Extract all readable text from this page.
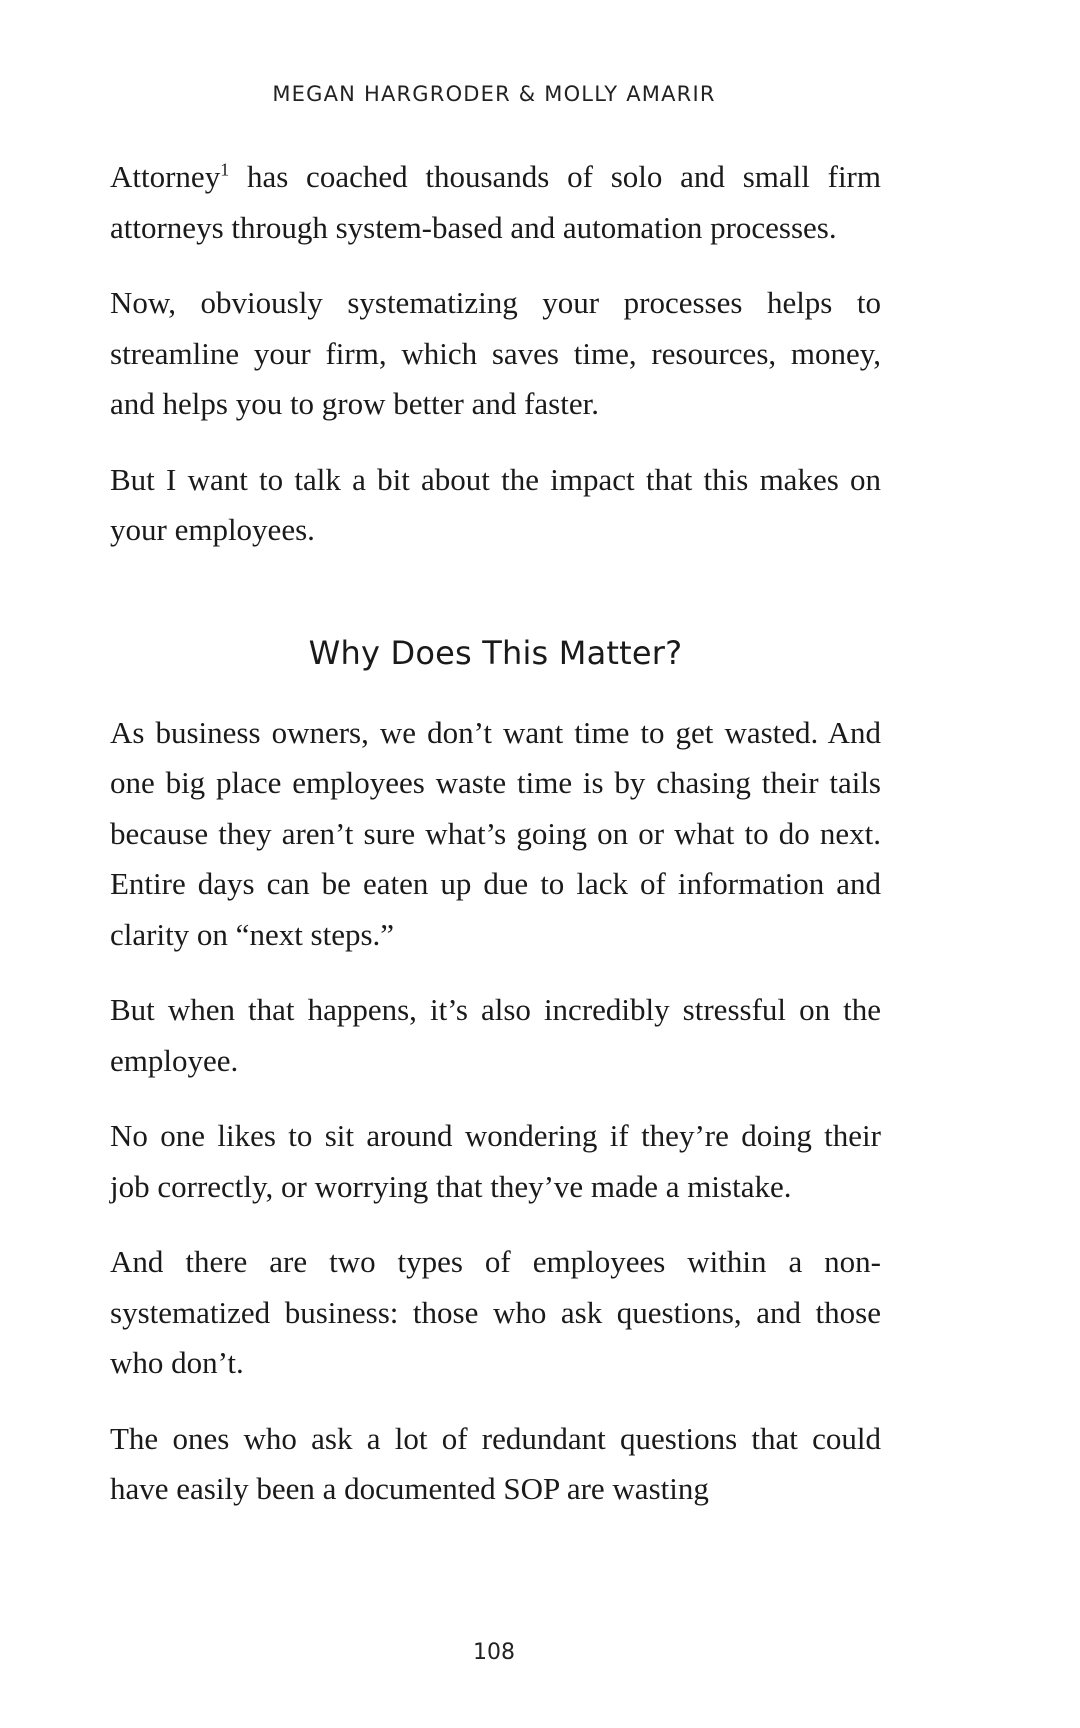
MEGAN HARGRODER & MOLLY AMARIR

Attorney$^1$ has coached thousands of solo and small firm attorneys through system-based and automation processes.

Now, obviously systematizing your processes helps to streamline your firm, which saves time, resources, money, and helps you to grow better and faster.

But I want to talk a bit about the impact that this makes on your employees.

Why Does This Matter?

As business owners, we don’t want time to get wasted. And one big place employees waste time is by chasing their tails because they aren’t sure what’s going on or what to do next. Entire days can be eaten up due to lack of information and clarity on “next steps.”

But when that happens, it’s also incredibly stressful on the employee.

No one likes to sit around wondering if they’re doing their job correctly, or worrying that they’ve made a mistake.

And there are two types of employees within a non-systematized business: those who ask questions, and those who don’t.

The ones who ask a lot of redundant questions that could have easily been a documented SOP are wasting

108
